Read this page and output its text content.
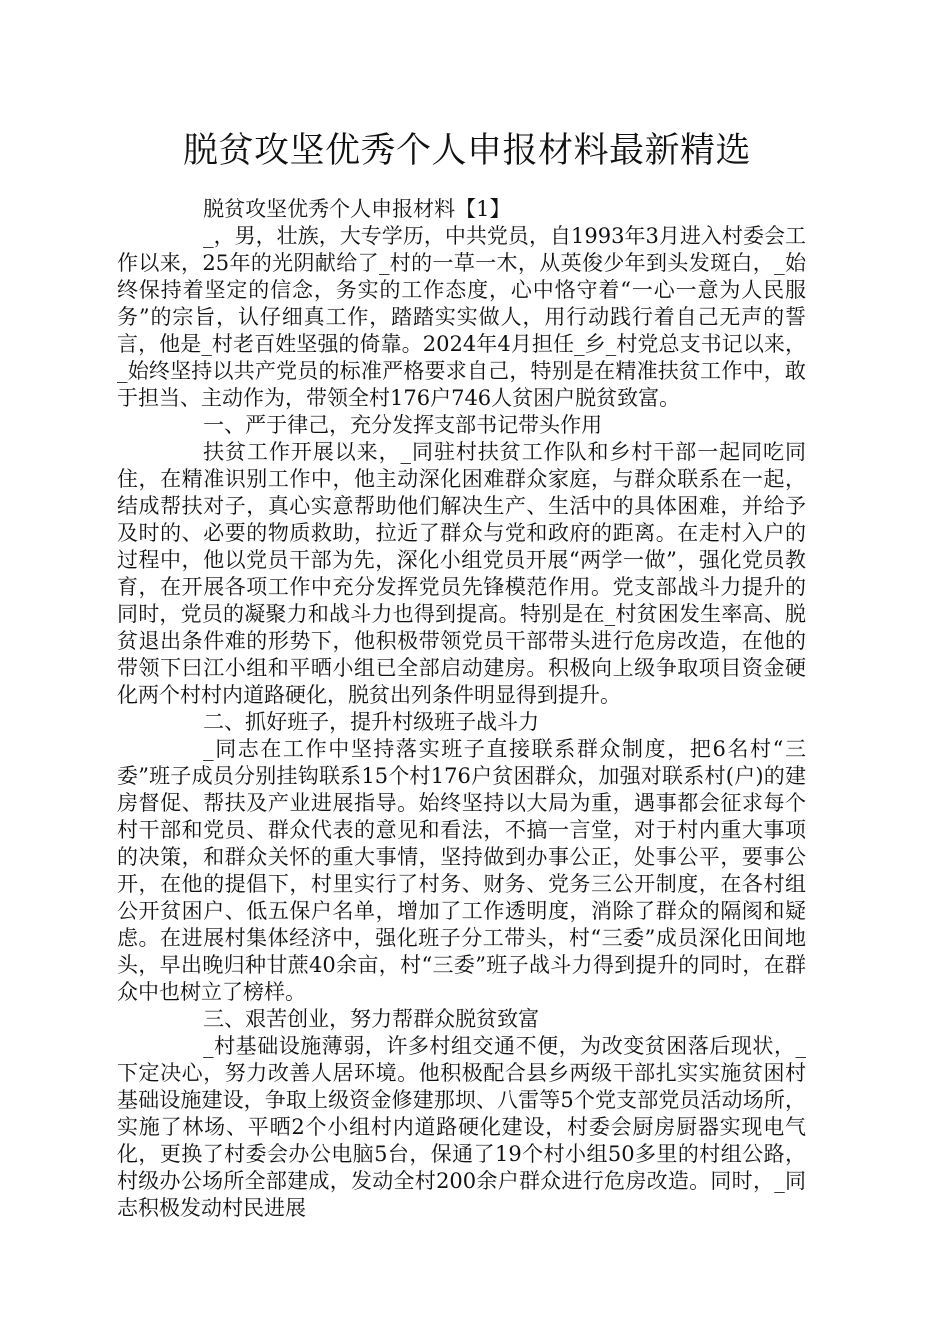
脱贫攻坚优秀个人申报材料最新精选

脱贫攻坚优秀个人申报材料【1】

_，男，壮族，大专学历，中共党员，自1993年3月进入村委会工作以来，25年的光阴献给了_村的一草一木，从英俊少年到头发斑白，_始终保持着坚定的信念，务实的工作态度，心中恪守着“一心一意为人民服务”的宗旨，认仔细真工作，踏踏实实做人，用行动践行着自己无声的誓言，他是_村老百姓坚强的倚靠。2024年4月担任_乡_村党总支书记以来，_始终坚持以共产党员的标准严格要求自己，特别是在精准扶贫工作中，敢于担当、主动作为，带领全村176户746人贫困户脱贫致富。

一、严于律己，充分发挥支部书记带头作用

扶贫工作开展以来，_同驻村扶贫工作队和乡村干部一起同吃同住，在精准识别工作中，他主动深化困难群众家庭，与群众联系在一起，结成帮扶对子，真心实意帮助他们解决生产、生活中的具体困难，并给予及时的、必要的物质救助，拉近了群众与党和政府的距离。在走村入户的过程中，他以党员干部为先，深化小组党员开展“两学一做”，强化党员教育，在开展各项工作中充分发挥党员先锋模范作用。党支部战斗力提升的同时，党员的凝聚力和战斗力也得到提高。特别是在_村贫困发生率高、脱贫退出条件难的形势下，他积极带领党员干部带头进行危房改造，在他的带领下曰江小组和平晒小组已全部启动建房。积极向上级争取项目资金硬化两个村村内道路硬化，脱贫出列条件明显得到提升。

二、抓好班子，提升村级班子战斗力

_同志在工作中坚持落实班子直接联系群众制度，把6名村“三委”班子成员分别挂钩联系15个村176户贫困群众，加强对联系村(户)的建房督促、帮扶及产业进展指导。始终坚持以大局为重，遇事都会征求每个村干部和党员、群众代表的意见和看法，不搞一言堂，对于村内重大事项的决策，和群众关怀的重大事情，坚持做到办事公正，处事公平，要事公开，在他的提倡下，村里实行了村务、财务、党务三公开制度，在各村组公开贫困户、低五保户名单，增加了工作透明度，消除了群众的隔阂和疑虑。在进展村集体经济中，强化班子分工带头，村“三委”成员深化田间地头，早出晚归种甘蔗40余亩，村“三委”班子战斗力得到提升的同时，在群众中也树立了榜样。

三、艰苦创业，努力帮群众脱贫致富

_村基础设施薄弱，许多村组交通不便，为改变贫困落后现状，_下定决心，努力改善人居环境。他积极配合县乡两级干部扎实实施贫困村基础设施建设，争取上级资金修建那坝、八雷等5个党支部党员活动场所，实施了林场、平晒2个小组村内道路硬化建设，村委会厨房厨器实现电气化，更换了村委会办公电脑5台，保通了19个村小组50多里的村组公路，村级办公场所全部建成，发动全村200余户群众进行危房改造。同时，_同志积极发动村民进展
